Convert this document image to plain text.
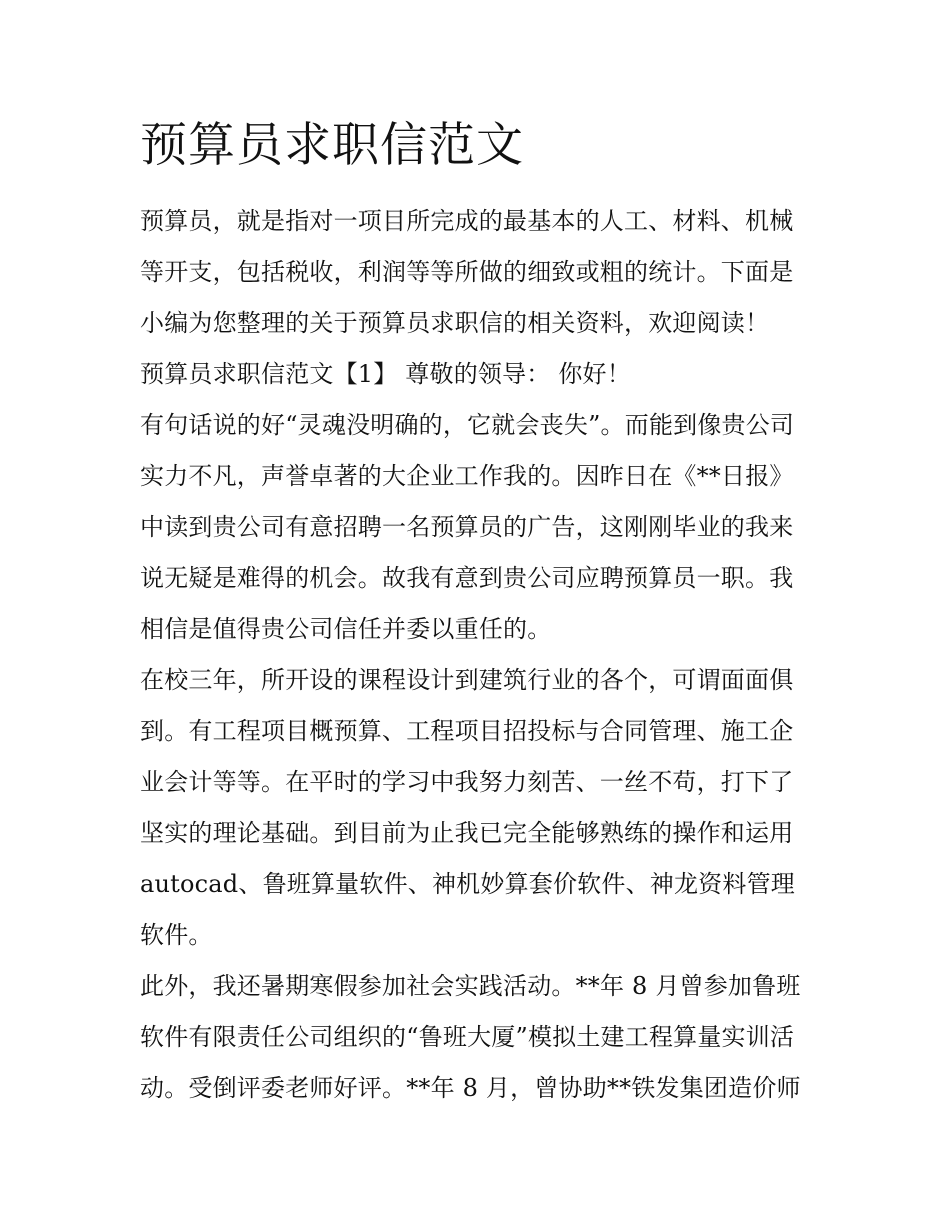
预算员求职信范文
预算员，就是指对一项目所完成的最基本的人工、材料、机械
等开支，包括税收，利润等等所做的细致或粗的统计。下面是
小编为您整理的关于预算员求职信的相关资料，欢迎阅读！
预算员求职信范文【1】 尊敬的领导： 你好！
有句话说的好“灵魂没明确的，它就会丧失”。而能到像贵公司
实力不凡，声誉卓著的大企业工作我的。因昨日在《**日报》
中读到贵公司有意招聘一名预算员的广告，这刚刚毕业的我来
说无疑是难得的机会。故我有意到贵公司应聘预算员一职。我
相信是值得贵公司信任并委以重任的。
在校三年，所开设的课程设计到建筑行业的各个，可谓面面俱
到。有工程项目概预算、工程项目招投标与合同管理、施工企
业会计等等。在平时的学习中我努力刻苦、一丝不苟，打下了
坚实的理论基础。到目前为止我已完全能够熟练的操作和运用
autocad、鲁班算量软件、神机妙算套价软件、神龙资料管理
软件。
此外，我还暑期寒假参加社会实践活动。**年 8 月曾参加鲁班
软件有限责任公司组织的“鲁班大厦”模拟土建工程算量实训活
动。受倒评委老师好评。**年 8 月，曾协助**铁发集团造价师
